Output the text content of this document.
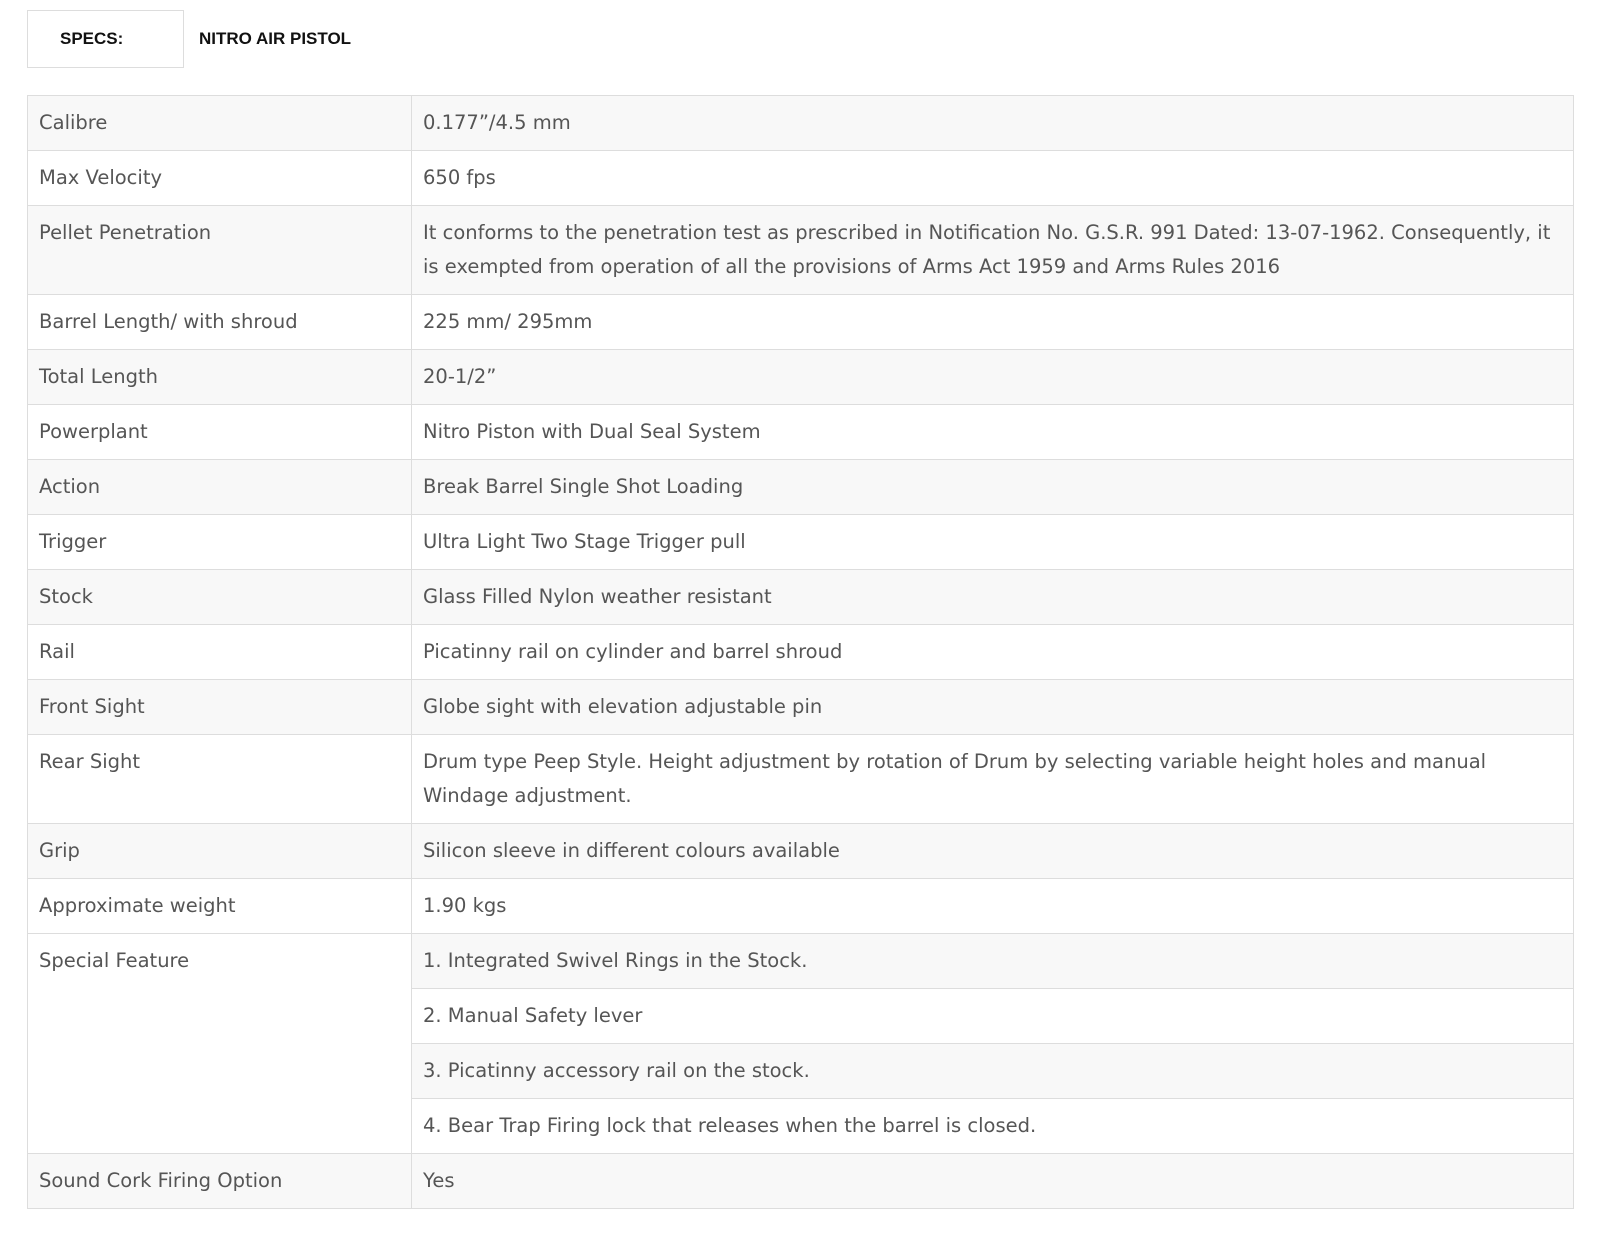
SPECS:	NITRO AIR PISTOL
Calibre	0.177”/4.5 mm
Max Velocity	650 fps
Pellet Penetration	It conforms to the penetration test as prescribed in Notification No. G.S.R. 991 Dated: 13-07-1962. Consequently, it is exempted from operation of all the provisions of Arms Act 1959 and Arms Rules 2016
Barrel Length/ with shroud	225 mm/ 295mm
Total Length	20-1/2”
Powerplant	Nitro Piston with Dual Seal System
Action	Break Barrel Single Shot Loading
Trigger	Ultra Light Two Stage Trigger pull
Stock	Glass Filled Nylon weather resistant
Rail	Picatinny rail on cylinder and barrel shroud
Front Sight	Globe sight with elevation adjustable pin
Rear Sight	Drum type Peep Style. Height adjustment by rotation of Drum by selecting variable height holes and manual Windage adjustment.
Grip	Silicon sleeve in different colours available
Approximate weight	1.90 kgs
Special Feature	1. Integrated Swivel Rings in the Stock.
	2. Manual Safety lever
	3. Picatinny accessory rail on the stock.
	4. Bear Trap Firing lock that releases when the barrel is closed.
Sound Cork Firing Option	Yes
